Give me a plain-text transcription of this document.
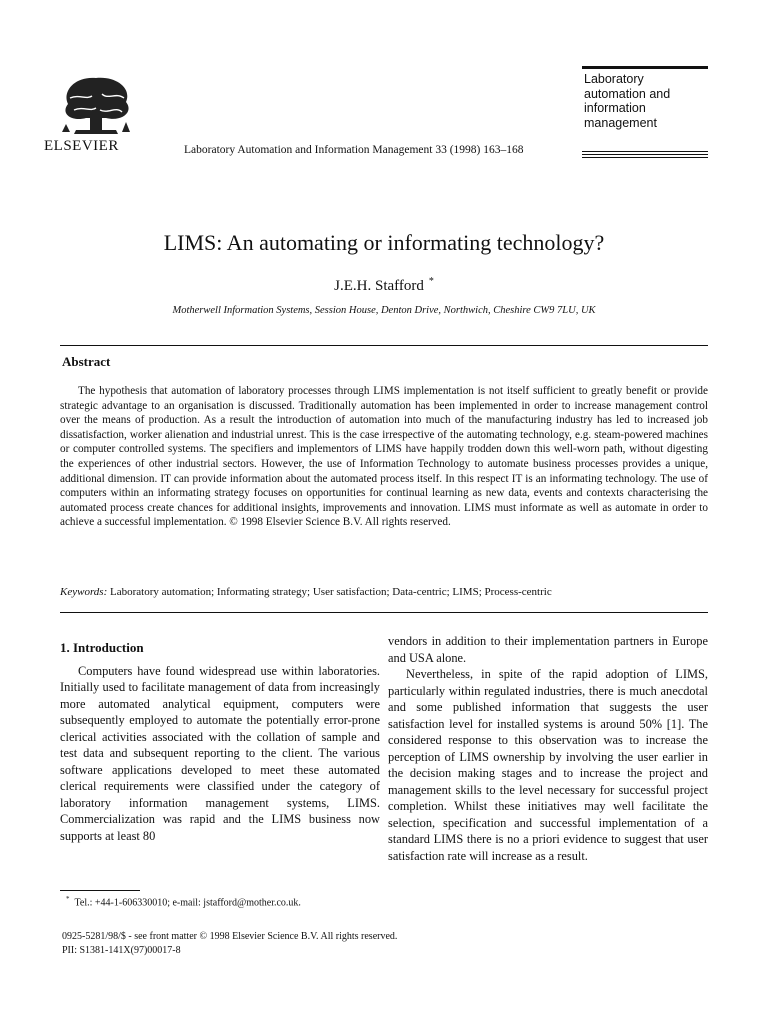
ELSEVIER	Laboratory Automation and Information Management 33 (1998) 163–168
Laboratory
automation and
information
management
LIMS: An automating or informating technology?
J.E.H. Stafford *
Motherwell Information Systems, Session House, Denton Drive, Northwich, Cheshire CW9 7LU, UK
Abstract

The hypothesis that automation of laboratory processes through LIMS implementation is not itself sufficient to greatly benefit or provide strategic advantage to an organisation is discussed. Traditionally automation has been implemented in order to increase management control over the means of production. As a result the introduction of automation into much of the manufacturing industry has led to increased job dissatisfaction, worker alienation and industrial unrest. This is the case irrespective of the automating technology, e.g. steam-powered machines or computer controlled systems. The specifiers and implementors of LIMS have happily trodden down this well-worn path, without digesting the experiences of other industrial sectors. However, the use of Information Technology to automate business processes provides a unique, additional dimension. IT can provide information about the automated process itself. In this respect IT is an informating technology. The use of computers within an informating strategy focuses on opportunities for continual learning as new data, events and contexts characterising the automated process create chances for additional insights, improvements and innovation. LIMS must informate as well as automate in order to achieve a successful implementation. © 1998 Elsevier Science B.V. All rights reserved.

Keywords: Laboratory automation; Informating strategy; User satisfaction; Data-centric; LIMS; Process-centric
1. Introduction

Computers have found widespread use within laboratories. Initially used to facilitate management of data from increasingly more automated analytical equipment, computers were subsequently employed to automate the potentially error-prone clerical activities associated with the collation of sample and test data and subsequent reporting to the client. The various software applications developed to meet these automated clerical requirements were classified under the category of laboratory information management systems, LIMS. Commercialization was rapid and the LIMS business now supports at least 80

vendors in addition to their implementation partners in Europe and USA alone.

Nevertheless, in spite of the rapid adoption of LIMS, particularly within regulated industries, there is much anecdotal and some published information that suggests the user satisfaction level for installed systems is around 50% [1]. The considered response to this observation was to increase the perception of LIMS ownership by involving the user earlier in the decision making stages and to increase the project and management skills to the level necessary for successful project completion. Whilst these initiatives may well facilitate the selection, specification and successful implementation of a standard LIMS there is no a priori evidence to suggest that user satisfaction rate will increase as a result.

* Tel.: +44-1-606330010; e-mail: jstafford@mother.co.uk.
0925-5281/98/$ - see front matter © 1998 Elsevier Science B.V. All rights reserved.
PII: S1381-141X(97)00017-8
